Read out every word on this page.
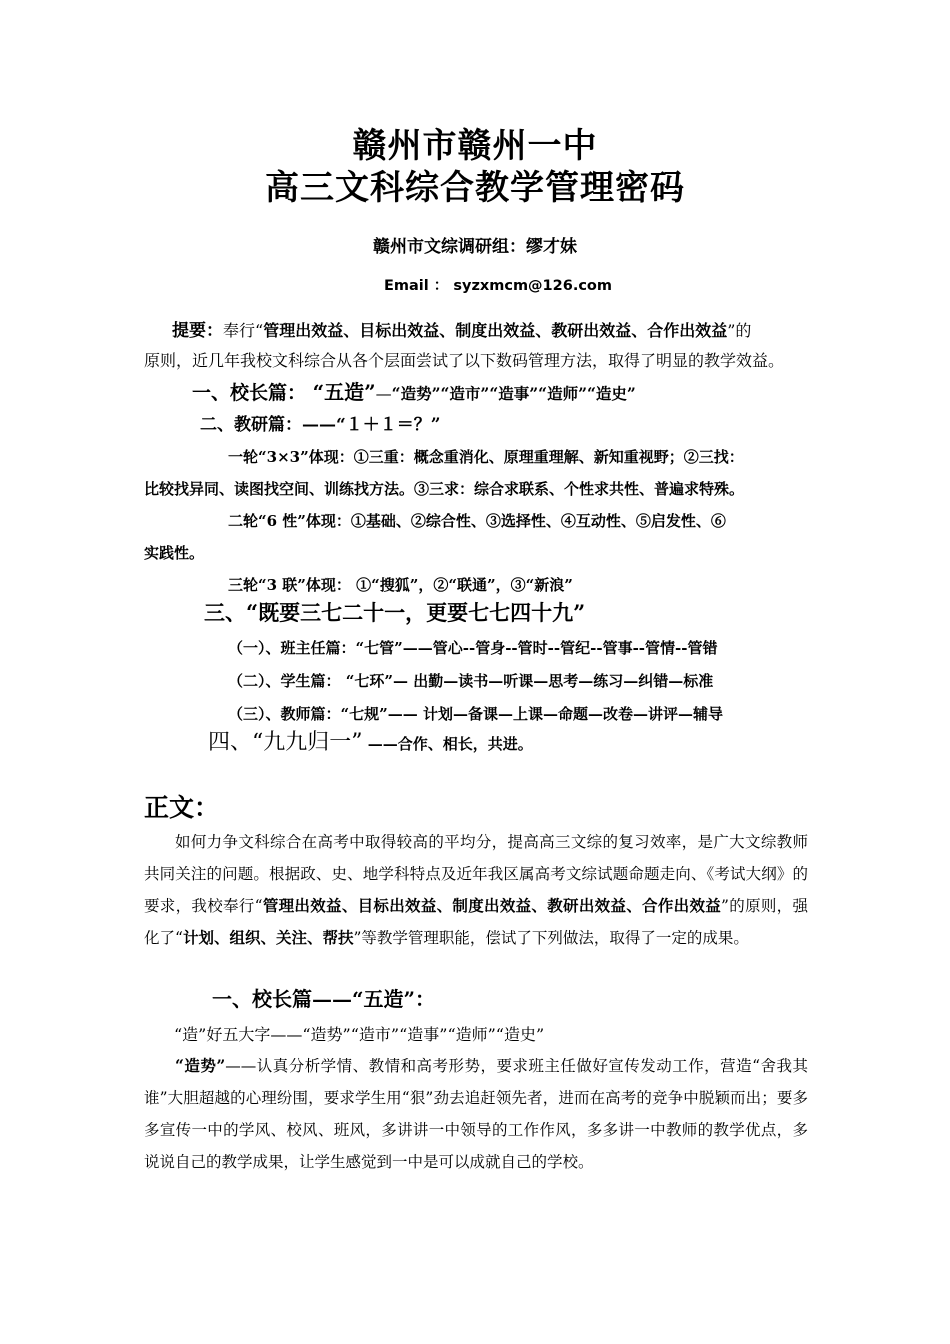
赣州市赣州一中
高三文科综合教学管理密码
赣州市文综调研组：缪才妹
Email ： syzxmcm@126.com
提要：奉行“管理出效益、目标出效益、制度出效益、教研出效益、合作出效益”的
原则，近几年我校文科综合从各个层面尝试了以下数码管理方法，取得了明显的教学效益。
一、校长篇： “五造”—“造势”“造市”“造事”“造师”“造史”
二、教研篇：——“１＋１＝？”
一轮“3×3”体现：①三重：概念重消化、原理重理解、新知重视野；②三找：
比较找异同、读图找空间、训练找方法。③三求：综合求联系、个性求共性、普遍求特殊。
二轮“6 性”体现：①基础、②综合性、③选择性、④互动性、⑤启发性、⑥
实践性。
三轮“3 联”体现： ①“搜狐”，②“联通”，③“新浪”
三、“既要三七二十一，更要七七四十九”
（一）、班主任篇：“七管”——管心--管身--管时--管纪--管事--管情--管错
（二）、学生篇： “七环”— 出勤—读书—听课—思考—练习—纠错—标准
（三）、教师篇：“七规”—— 计划—备课—上课—命题—改卷—讲评—辅导
四、“九九归一” ——合作、相长，共进。
正文：
如何力争文科综合在高考中取得较高的平均分，提高高三文综的复习效率，是广大文综教师共同关注的问题。根据政、史、地学科特点及近年我区属高考文综试题命题走向、《考试大纲》的要求，我校奉行“管理出效益、目标出效益、制度出效益、教研出效益、合作出效益”的原则，强化了“计划、组织、关注、帮扶”等教学管理职能，偿试了下列做法，取得了一定的成果。
一、校长篇——“五造”：
“造”好五大字——“造势”“造市”“造事”“造师”“造史”
“造势”——认真分析学情、教情和高考形势，要求班主任做好宣传发动工作，营造“舍我其谁”大胆超越的心理纷围，要求学生用“狠”劲去追赶领先者，进而在高考的竞争中脱颖而出；要多多宣传一中的学风、校风、班风，多讲讲一中领导的工作作风，多多讲一中教师的教学优点，多说说自己的教学成果，让学生感觉到一中是可以成就自己的学校。
